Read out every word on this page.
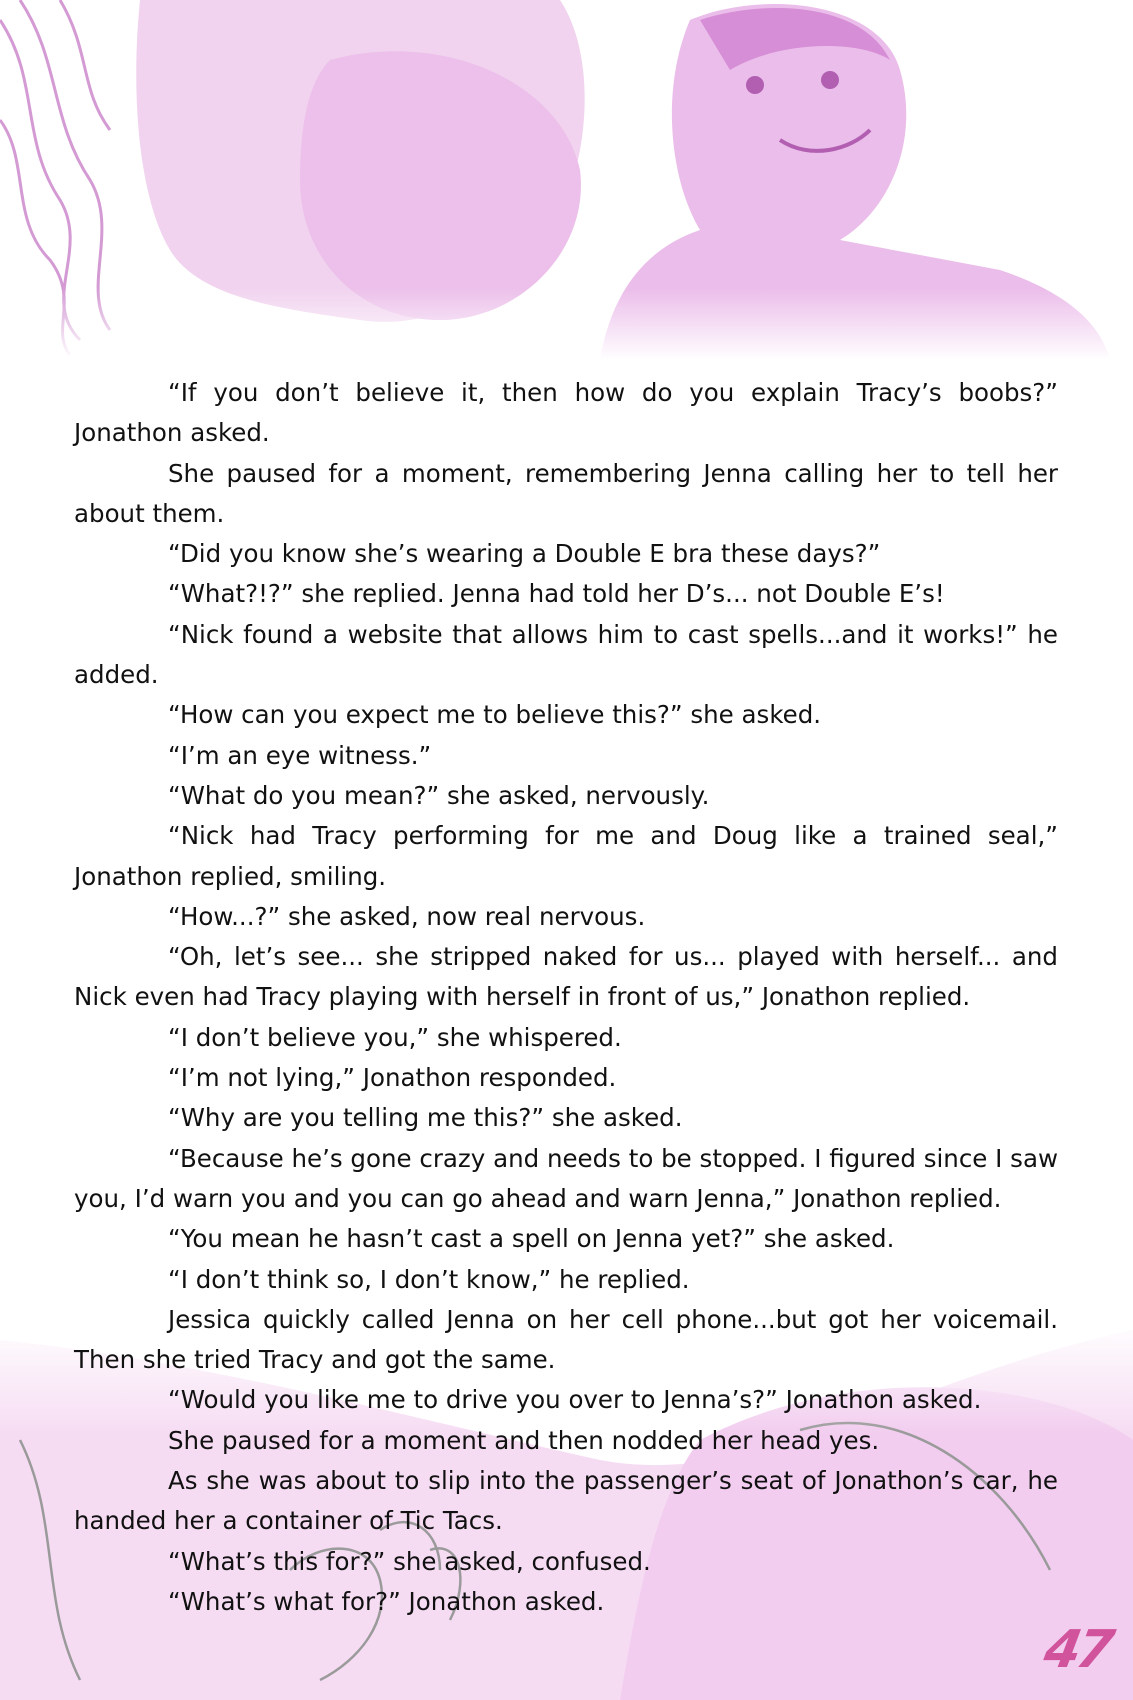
“If you don’t believe it, then how do you explain Tracy’s boobs?” Jonathon asked.

She paused for a moment, remembering Jenna calling her to tell her about them.

“Did you know she’s wearing a Double E bra these days?”

“What?!?” she replied. Jenna had told her D’s... not Double E’s!

“Nick found a website that allows him to cast spells...and it works!” he added.

“How can you expect me to believe this?” she asked.

“I’m an eye witness.”

“What do you mean?” she asked, nervously.

“Nick had Tracy performing for me and Doug like a trained seal,” Jonathon replied, smiling.

“How...?” she asked, now real nervous.

“Oh, let’s see... she stripped naked for us... played with herself... and Nick even had Tracy playing with herself in front of us,” Jonathon replied.

“I don’t believe you,” she whispered.

“I’m not lying,” Jonathon responded.

“Why are you telling me this?” she asked.

“Because he’s gone crazy and needs to be stopped. I figured since I saw you, I’d warn you and you can go ahead and warn Jenna,” Jonathon replied.

“You mean he hasn’t cast a spell on Jenna yet?” she asked.

“I don’t think so, I don’t know,” he replied.

Jessica quickly called Jenna on her cell phone...but got her voicemail. Then she tried Tracy and got the same.

“Would you like me to drive you over to Jenna’s?” Jonathon asked.

She paused for a moment and then nodded her head yes.

As she was about to slip into the passenger’s seat of Jonathon’s car, he handed her a container of Tic Tacs.

“What’s this for?” she asked, confused.

“What’s what for?” Jonathon asked.

47
